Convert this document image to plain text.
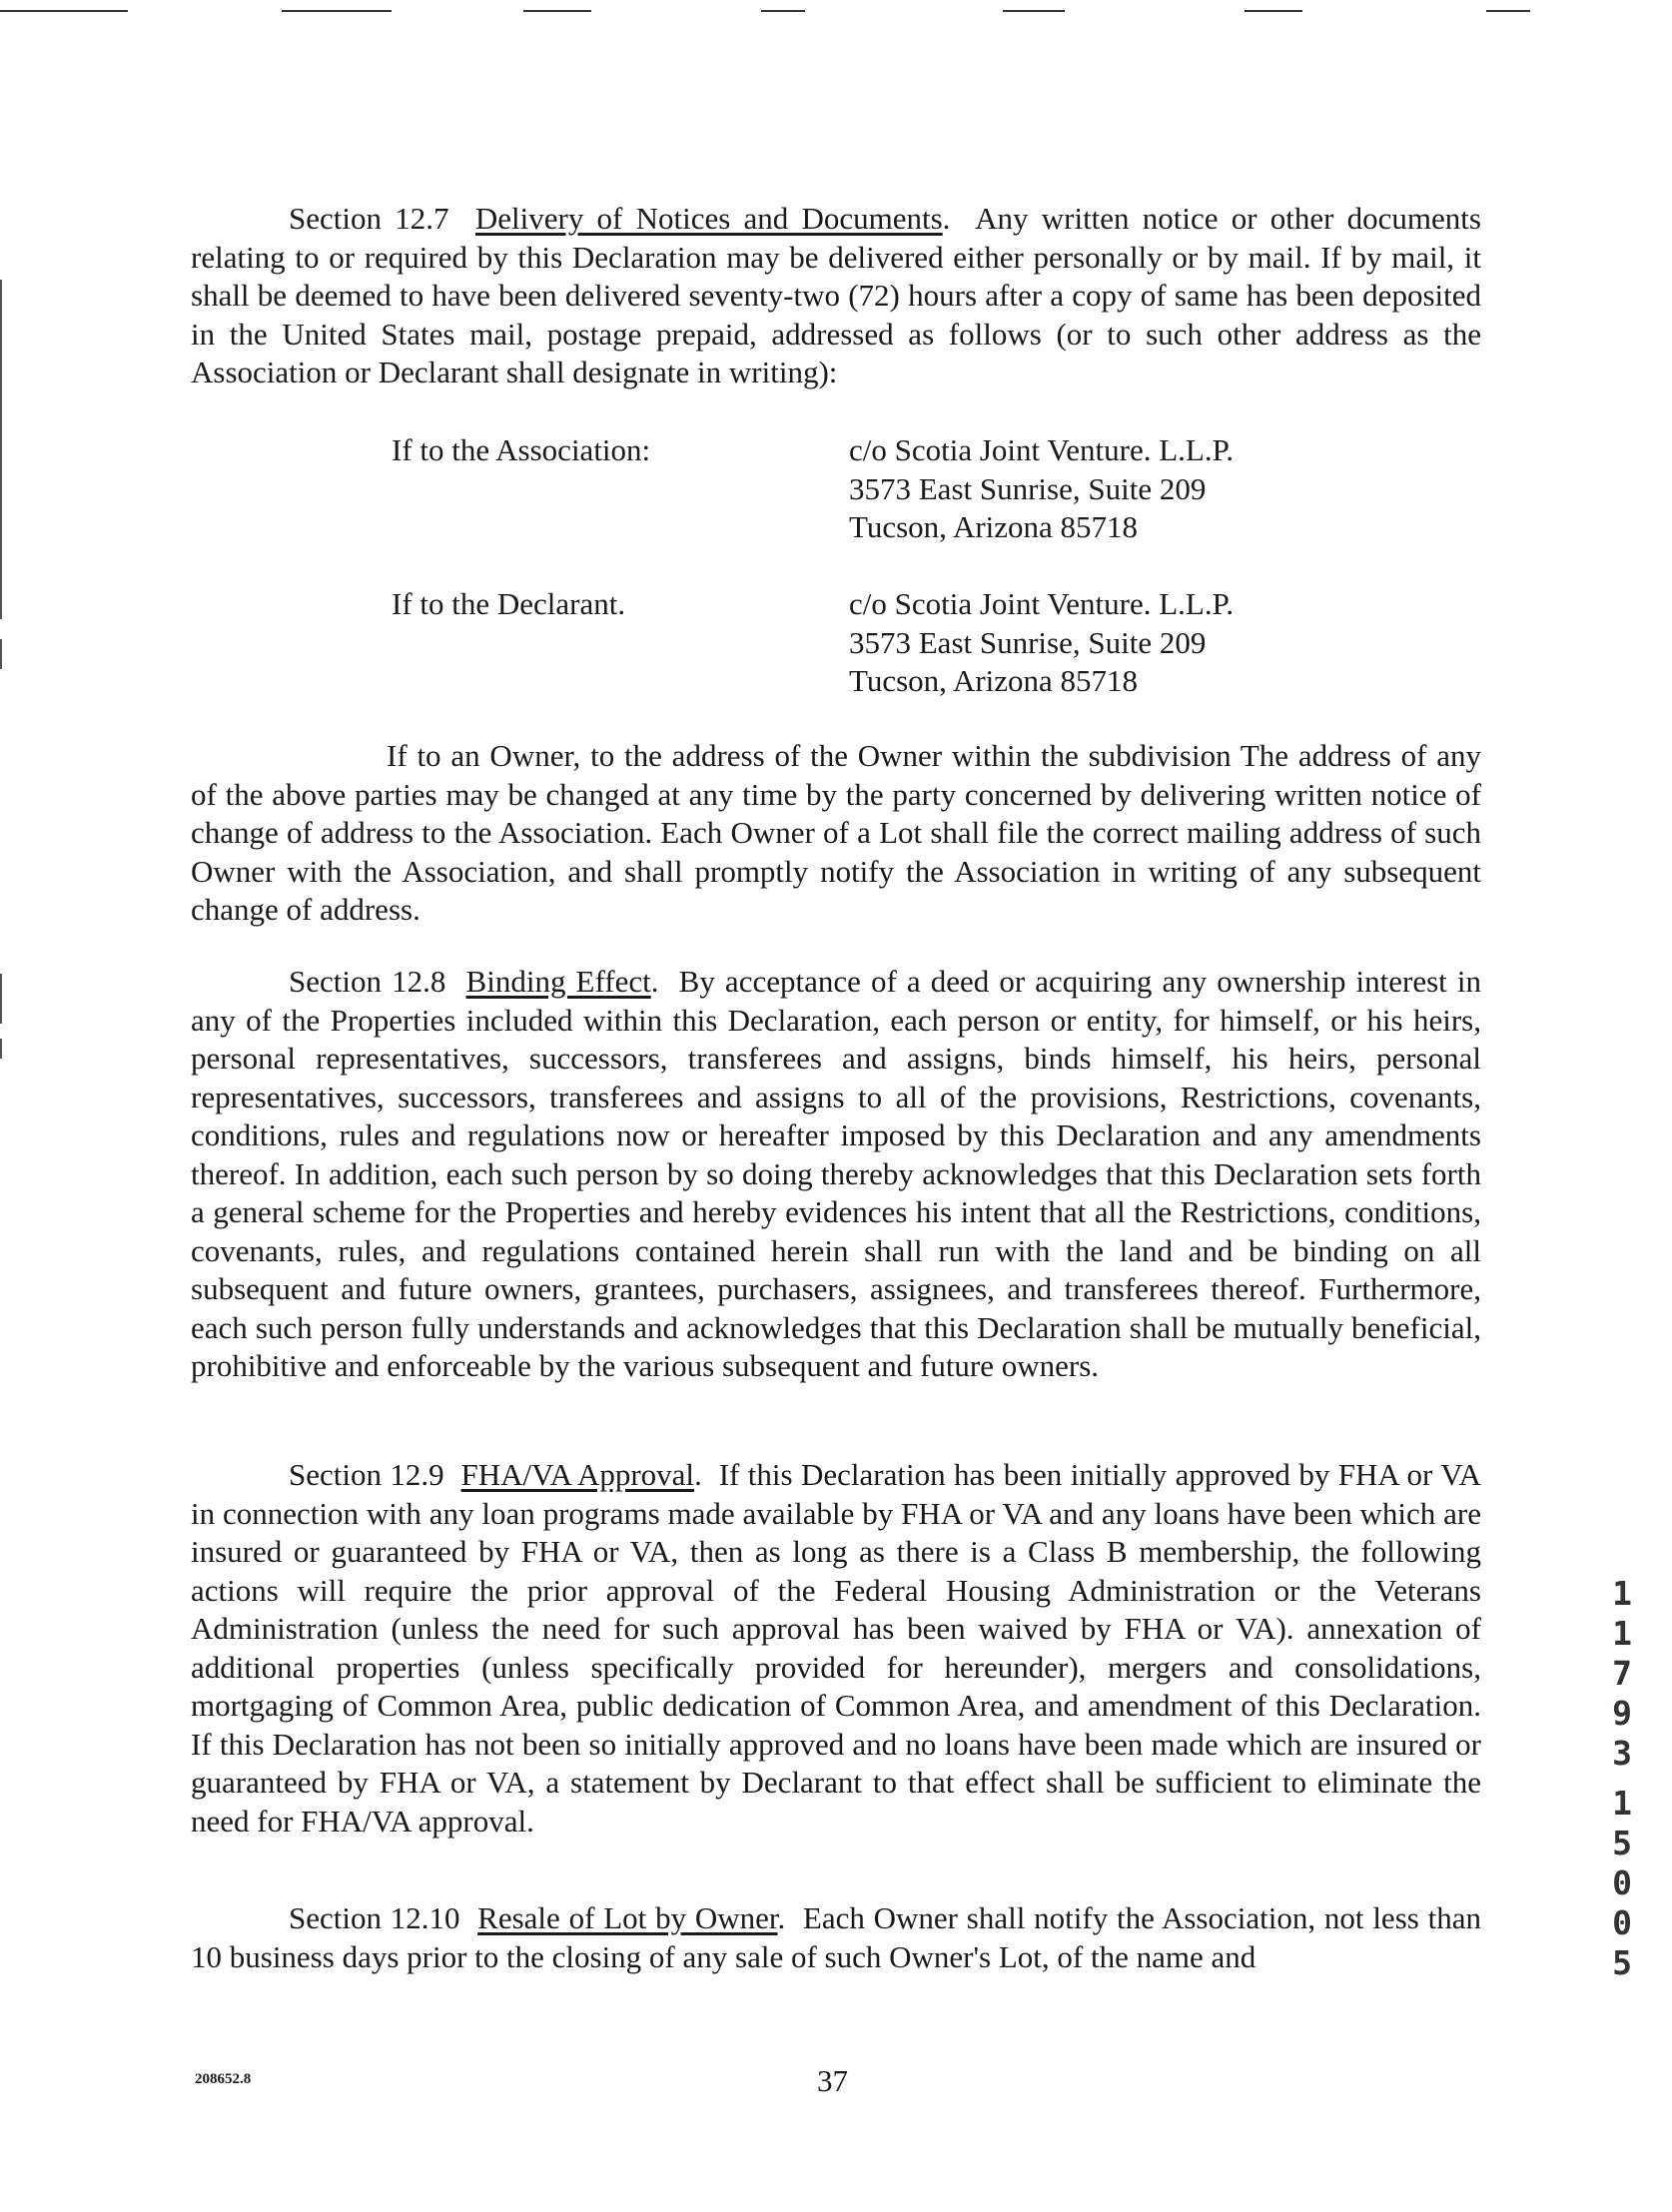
Section 12.7 Delivery of Notices and Documents.  Any written notice or other documents relating to or required by this Declaration may be delivered either personally or by mail. If by mail, it shall be deemed to have been delivered seventy-two (72) hours after a copy of same has been deposited in the United States mail, postage prepaid, addressed as follows (or to such other address as the Association or Declarant shall designate in writing):

If to the Association:	c/o Scotia Joint Venture. L.L.P.
3573 East Sunrise, Suite 209
Tucson, Arizona 85718
If to the Declarant.	c/o Scotia Joint Venture. L.L.P.
3573 East Sunrise, Suite 209
Tucson, Arizona 85718

If to an Owner, to the address of the Owner within the subdivision The address of any of the above parties may be changed at any time by the party concerned by delivering written notice of change of address to the Association. Each Owner of a Lot shall file the correct mailing address of such Owner with the Association, and shall promptly notify the Association in writing of any subsequent change of address.

Section 12.8 Binding Effect.  By acceptance of a deed or acquiring any ownership interest in any of the Properties included within this Declaration, each person or entity, for himself, or his heirs, personal representatives, successors, transferees and assigns, binds himself, his heirs, personal representatives, successors, transferees and assigns to all of the provisions, Restrictions, covenants, conditions, rules and regulations now or hereafter imposed by this Declaration and any amendments thereof. In addition, each such person by so doing thereby acknowledges that this Declaration sets forth a general scheme for the Properties and hereby evidences his intent that all the Restrictions, conditions, covenants, rules, and regulations contained herein shall run with the land and be binding on all subsequent and future owners, grantees, purchasers, assignees, and transferees thereof. Furthermore, each such person fully understands and acknowledges that this Declaration shall be mutually beneficial, prohibitive and enforceable by the various subsequent and future owners.

Section 12.9 FHA/VA Approval.  If this Declaration has been initially approved by FHA or VA in connection with any loan programs made available by FHA or VA and any loans have been which are insured or guaranteed by FHA or VA, then as long as there is a Class B membership, the following actions will require the prior approval of the Federal Housing Administration or the Veterans Administration (unless the need for such approval has been waived by FHA or VA). annexation of additional properties (unless specifically provided for hereunder), mergers and consolidations, mortgaging of Common Area, public dedication of Common Area, and amendment of this Declaration. If this Declaration has not been so initially approved and no loans have been made which are insured or guaranteed by FHA or VA, a statement by Declarant to that effect shall be sufficient to eliminate the need for FHA/VA approval.

Section 12.10 Resale of Lot by Owner.  Each Owner shall notify the Association, not less than 10 business days prior to the closing of any sale of such Owner's Lot, of the name and

1
1
7
9
3
1
5
0
0
5
208652.8	37
